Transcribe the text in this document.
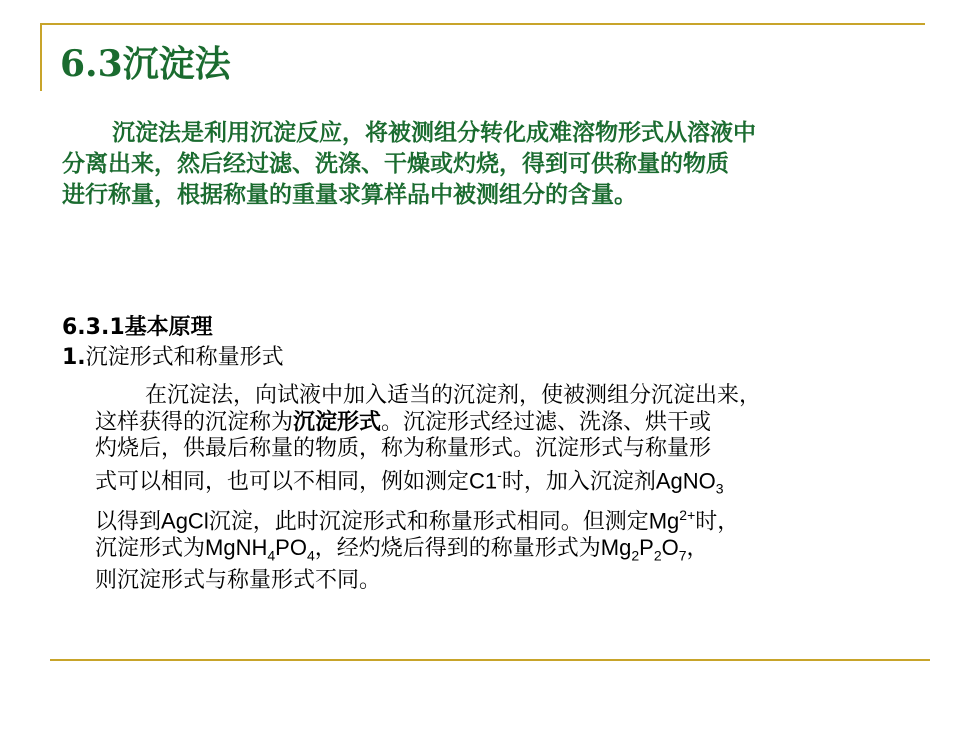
6.3沉淀法

沉淀法是利用沉淀反应，将被测组分转化成难溶物形式从溶液中

分离出来，然后经过滤、洗涤、干燥或灼烧，得到可供称量的物质

进行称量，根据称量的重量求算样品中被测组分的含量。

6.3.1基本原理
1.沉淀形式和称量形式
在沉淀法，向试液中加入适当的沉淀剂，使被测组分沉淀出来，
这样获得的沉淀称为沉淀形式。沉淀形式经过滤、洗涤、烘干或
灼烧后，供最后称量的物质，称为称量形式。沉淀形式与称量形
式可以相同，也可以不相同，例如测定C1-时，加入沉淀剂AgNO$_3$
以得到AgCl沉淀，此时沉淀形式和称量形式相同。但测定$Mg^{2+}$时，
沉淀形式为$MgNH_4PO_4$，经灼烧后得到的称量形式为$Mg_2P_2O_7$，
则沉淀形式与称量形式不同。
